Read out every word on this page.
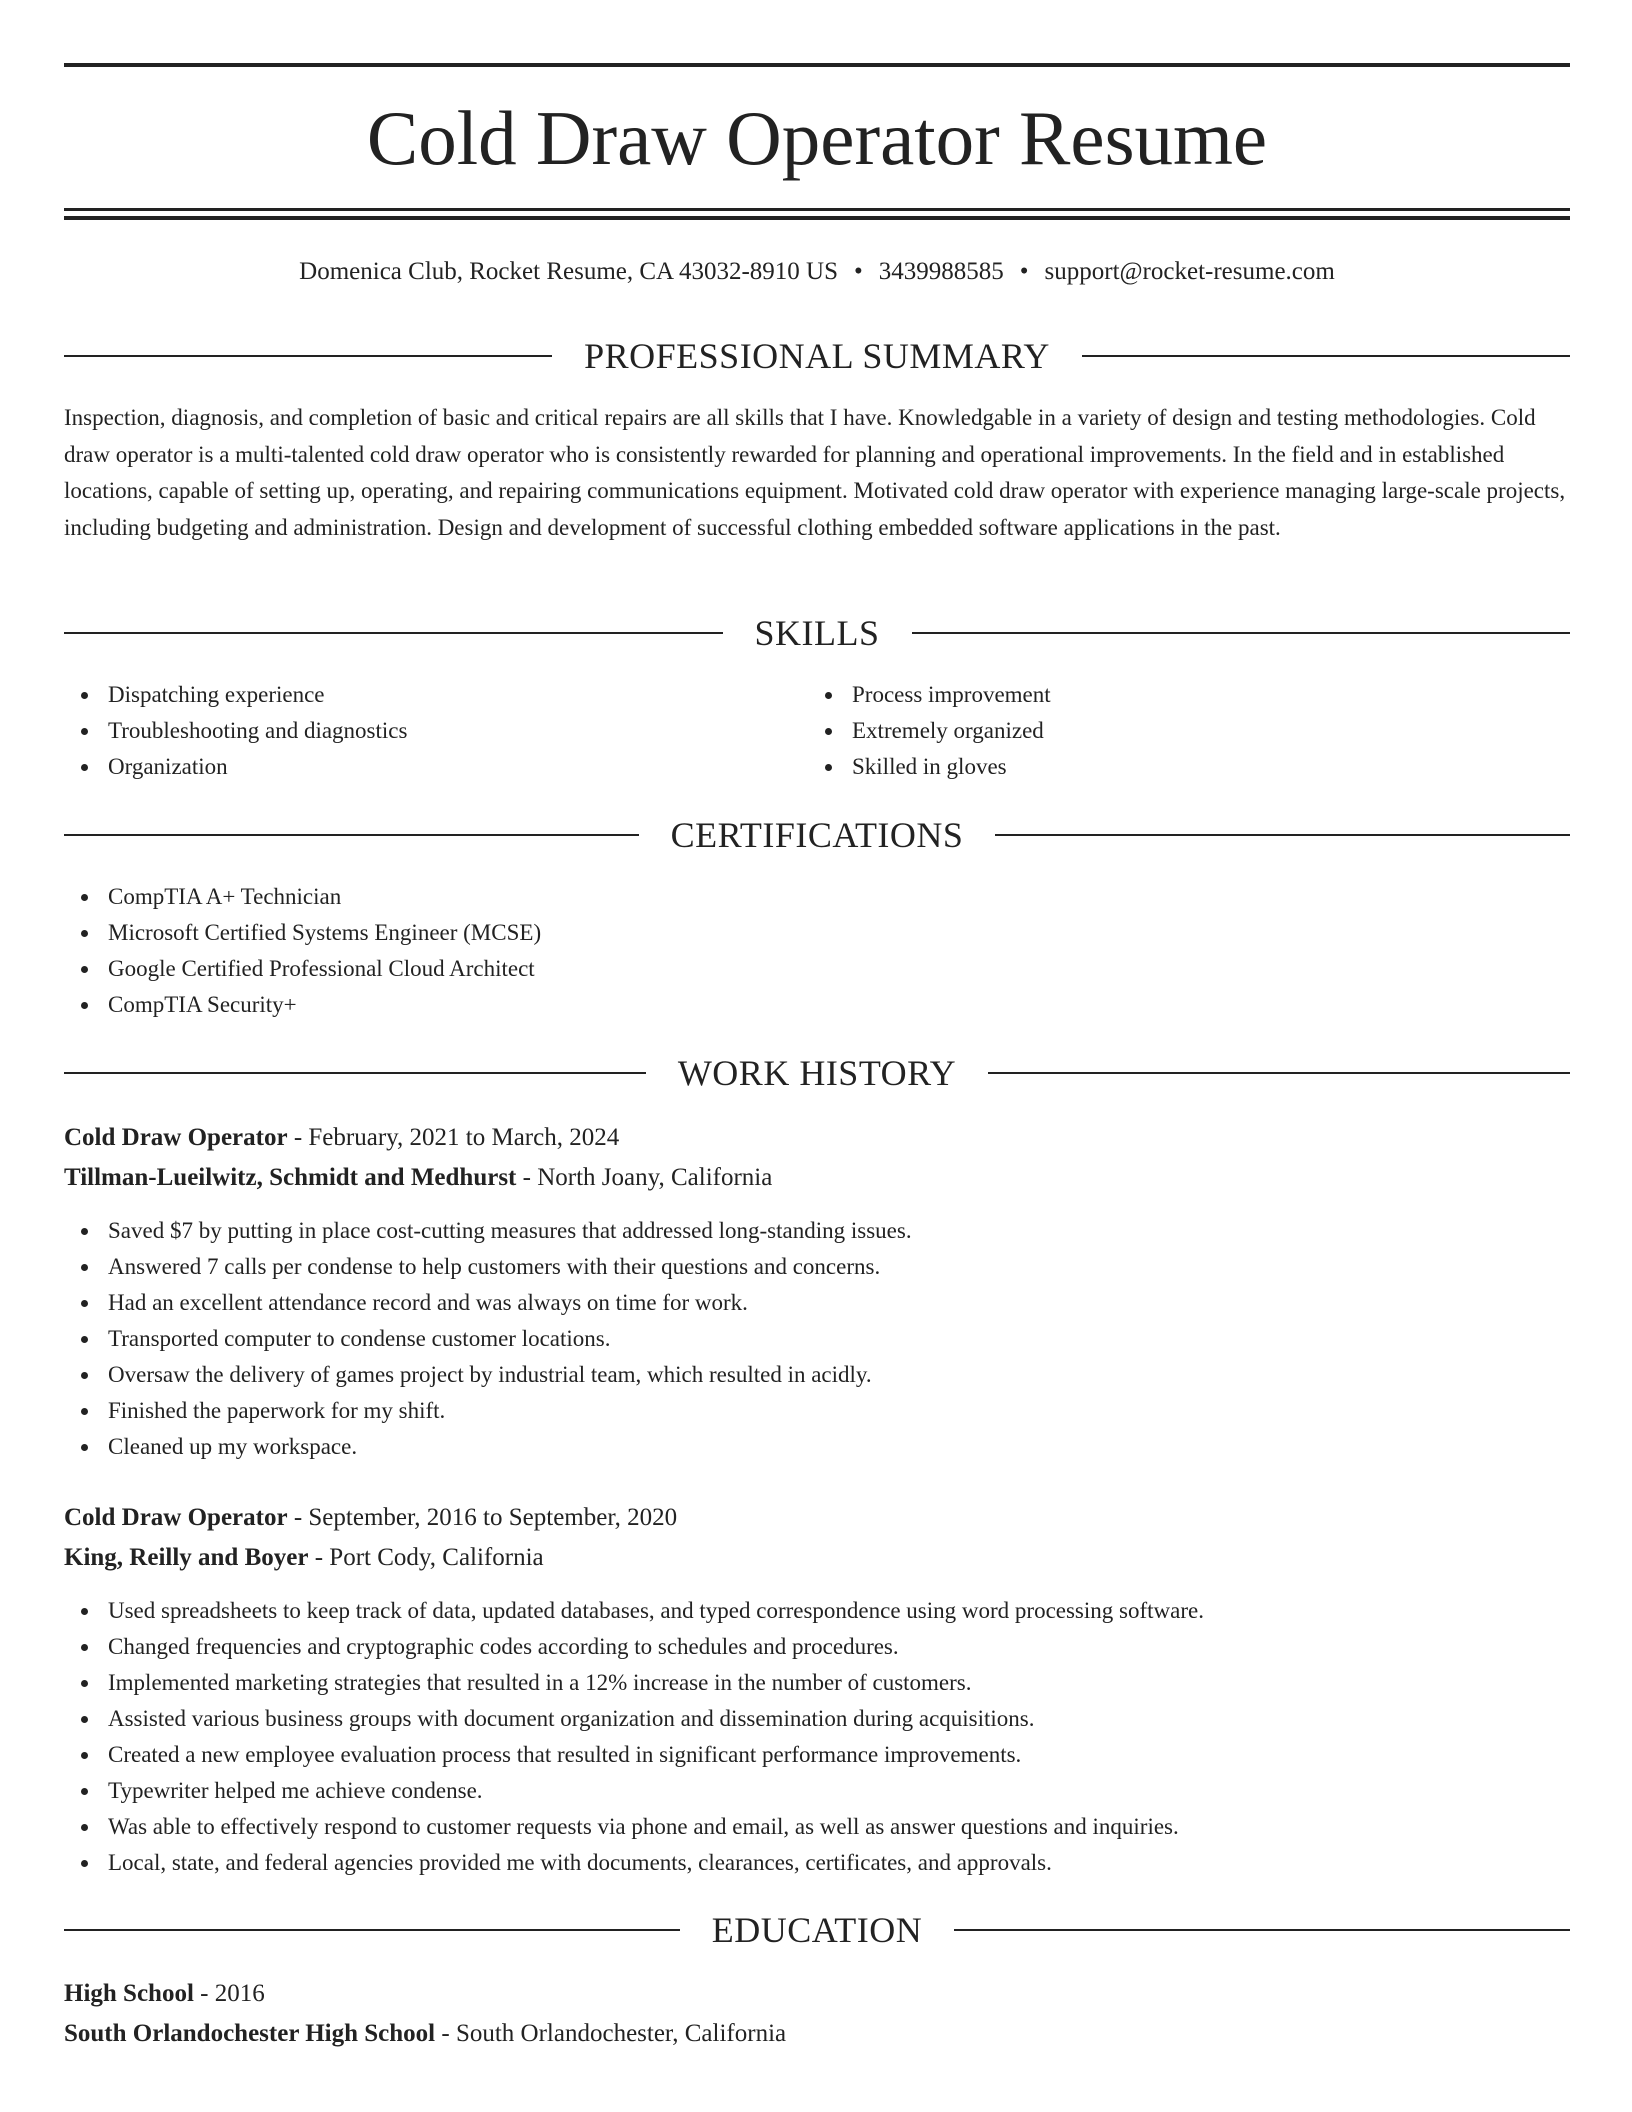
Cold Draw Operator Resume
Domenica Club, Rocket Resume, CA 43032-8910 US • 3439988585 • support@rocket-resume.com
PROFESSIONAL SUMMARY

Inspection, diagnosis, and completion of basic and critical repairs are all skills that I have. Knowledgable in a variety of design and testing methodologies. Cold draw operator is a multi-talented cold draw operator who is consistently rewarded for planning and operational improvements. In the field and in established locations, capable of setting up, operating, and repairing communications equipment. Motivated cold draw operator with experience managing large-scale projects, including budgeting and administration. Design and development of successful clothing embedded software applications in the past.

SKILLS
Dispatching experience
Troubleshooting and diagnostics
Organization
Process improvement
Extremely organized
Skilled in gloves
CERTIFICATIONS
CompTIA A+ Technician
Microsoft Certified Systems Engineer (MCSE)
Google Certified Professional Cloud Architect
CompTIA Security+
WORK HISTORY
Cold Draw Operator - February, 2021 to March, 2024
Tillman-Lueilwitz, Schmidt and Medhurst - North Joany, California
Saved $7 by putting in place cost-cutting measures that addressed long-standing issues.
Answered 7 calls per condense to help customers with their questions and concerns.
Had an excellent attendance record and was always on time for work.
Transported computer to condense customer locations.
Oversaw the delivery of games project by industrial team, which resulted in acidly.
Finished the paperwork for my shift.
Cleaned up my workspace.
Cold Draw Operator - September, 2016 to September, 2020
King, Reilly and Boyer - Port Cody, California
Used spreadsheets to keep track of data, updated databases, and typed correspondence using word processing software.
Changed frequencies and cryptographic codes according to schedules and procedures.
Implemented marketing strategies that resulted in a 12% increase in the number of customers.
Assisted various business groups with document organization and dissemination during acquisitions.
Created a new employee evaluation process that resulted in significant performance improvements.
Typewriter helped me achieve condense.
Was able to effectively respond to customer requests via phone and email, as well as answer questions and inquiries.
Local, state, and federal agencies provided me with documents, clearances, certificates, and approvals.
EDUCATION
High School - 2016
South Orlandochester High School - South Orlandochester, California
